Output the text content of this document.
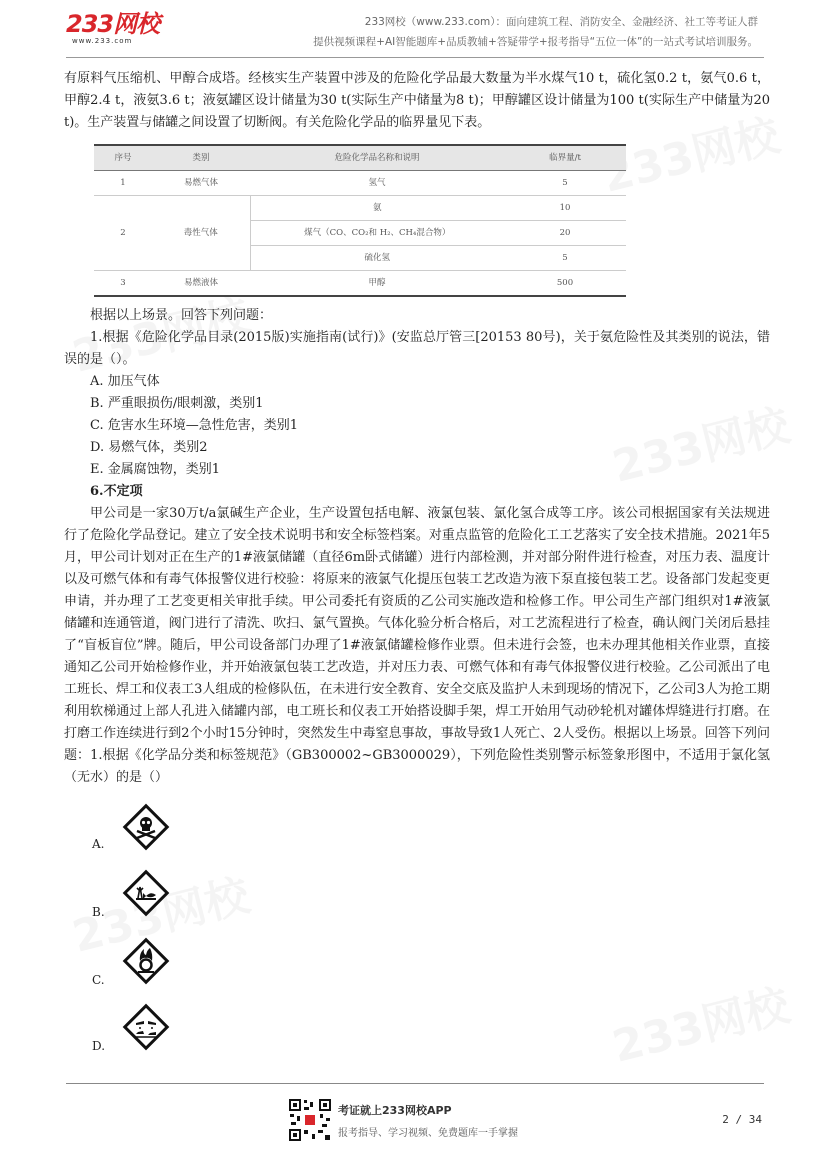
233网校
www.233.com
233网校（www.233.com）：面向建筑工程、消防安全、金融经济、社工等考证人群
提供视频课程+AI智能题库+品质教辅+答疑带学+报考指导“五位一体”的一站式考试培训服务。

有原料气压缩机、甲醇合成塔。经核实生产装置中涉及的危险化学品最大数量为半水煤气10 t，硫化氢0.2 t，氨气0.6 t，甲醇2.4 t，液氨3.6 t；液氨罐区设计储量为30 t(实际生产中储量为8 t)；甲醇罐区设计储量为100 t(实际生产中储量为20 t)。生产装置与储罐之间设置了切断阀。有关危险化学品的临界量见下表。

序号	类别	危险化学品名称和说明	临界量/t
1	易燃气体	氢气	5
2	毒性气体	氨	10
		煤气（CO、CO₂和 H₂、CH₄混合物）	20
		硫化氢	5
3	易燃液体	甲醇	500

根据以上场景。回答下列问题：

1.根据《危险化学品目录(2015版)实施指南(试行)》(安监总厅管三[20153 80号)，关于氨危险性及其类别的说法，错误的是（）。

A. 加压气体

B. 严重眼损伤/眼刺激，类别1

C. 危害水生环境—急性危害，类别1

D. 易燃气体，类别2

E. 金属腐蚀物，类别1

6.不定项

甲公司是一家30万t/a氯碱生产企业，生产设置包括电解、液氯包装、氯化氢合成等工序。该公司根据国家有关法规进行了危险化学品登记。建立了安全技术说明书和安全标签档案。对重点监管的危险化工工艺落实了安全技术措施。2021年5月，甲公司计划对正在生产的1#液氯储罐（直径6m卧式储罐）进行内部检测，并对部分附件进行检查，对压力表、温度计以及可燃气体和有毒气体报警仪进行校验：将原来的液氯气化提压包装工艺改造为液下泵直接包装工艺。设备部门发起变更申请，并办理了工艺变更相关审批手续。甲公司委托有资质的乙公司实施改造和检修工作。甲公司生产部门组织对1#液氯储罐和连通管道，阀门进行了清洗、吹扫、氯气置换。气体化验分析合格后，对工艺流程进行了检查，确认阀门关闭后悬挂了“盲板盲位”牌。随后，甲公司设备部门办理了1#液氯储罐检修作业票。但未进行会签，也未办理其他相关作业票，直接通知乙公司开始检修作业，并开始液氯包装工艺改造，并对压力表、可燃气体和有毒气体报警仪进行校验。乙公司派出了电工班长、焊工和仪表工3人组成的检修队伍，在未进行安全教育、安全交底及监护人未到现场的情况下，乙公司3人为抢工期利用软梯通过上部人孔进入储罐内部，电工班长和仪表工开始搭设脚手架，焊工开始用气动砂轮机对罐体焊缝进行打磨。在打磨工作连续进行到2个小时15分钟时，突然发生中毒窒息事故，事故导致1人死亡、2人受伤。根据以上场景。回答下列问题：1.根据《化学品分类和标签规范》（GB300002~GB3000029），下列危险性类别警示标签象形图中，不适用于氯化氢（无水）的是（）

A.
B.
C.
D.
考证就上233网校APP
报考指导、学习视频、免费题库一手掌握
2 / 34
